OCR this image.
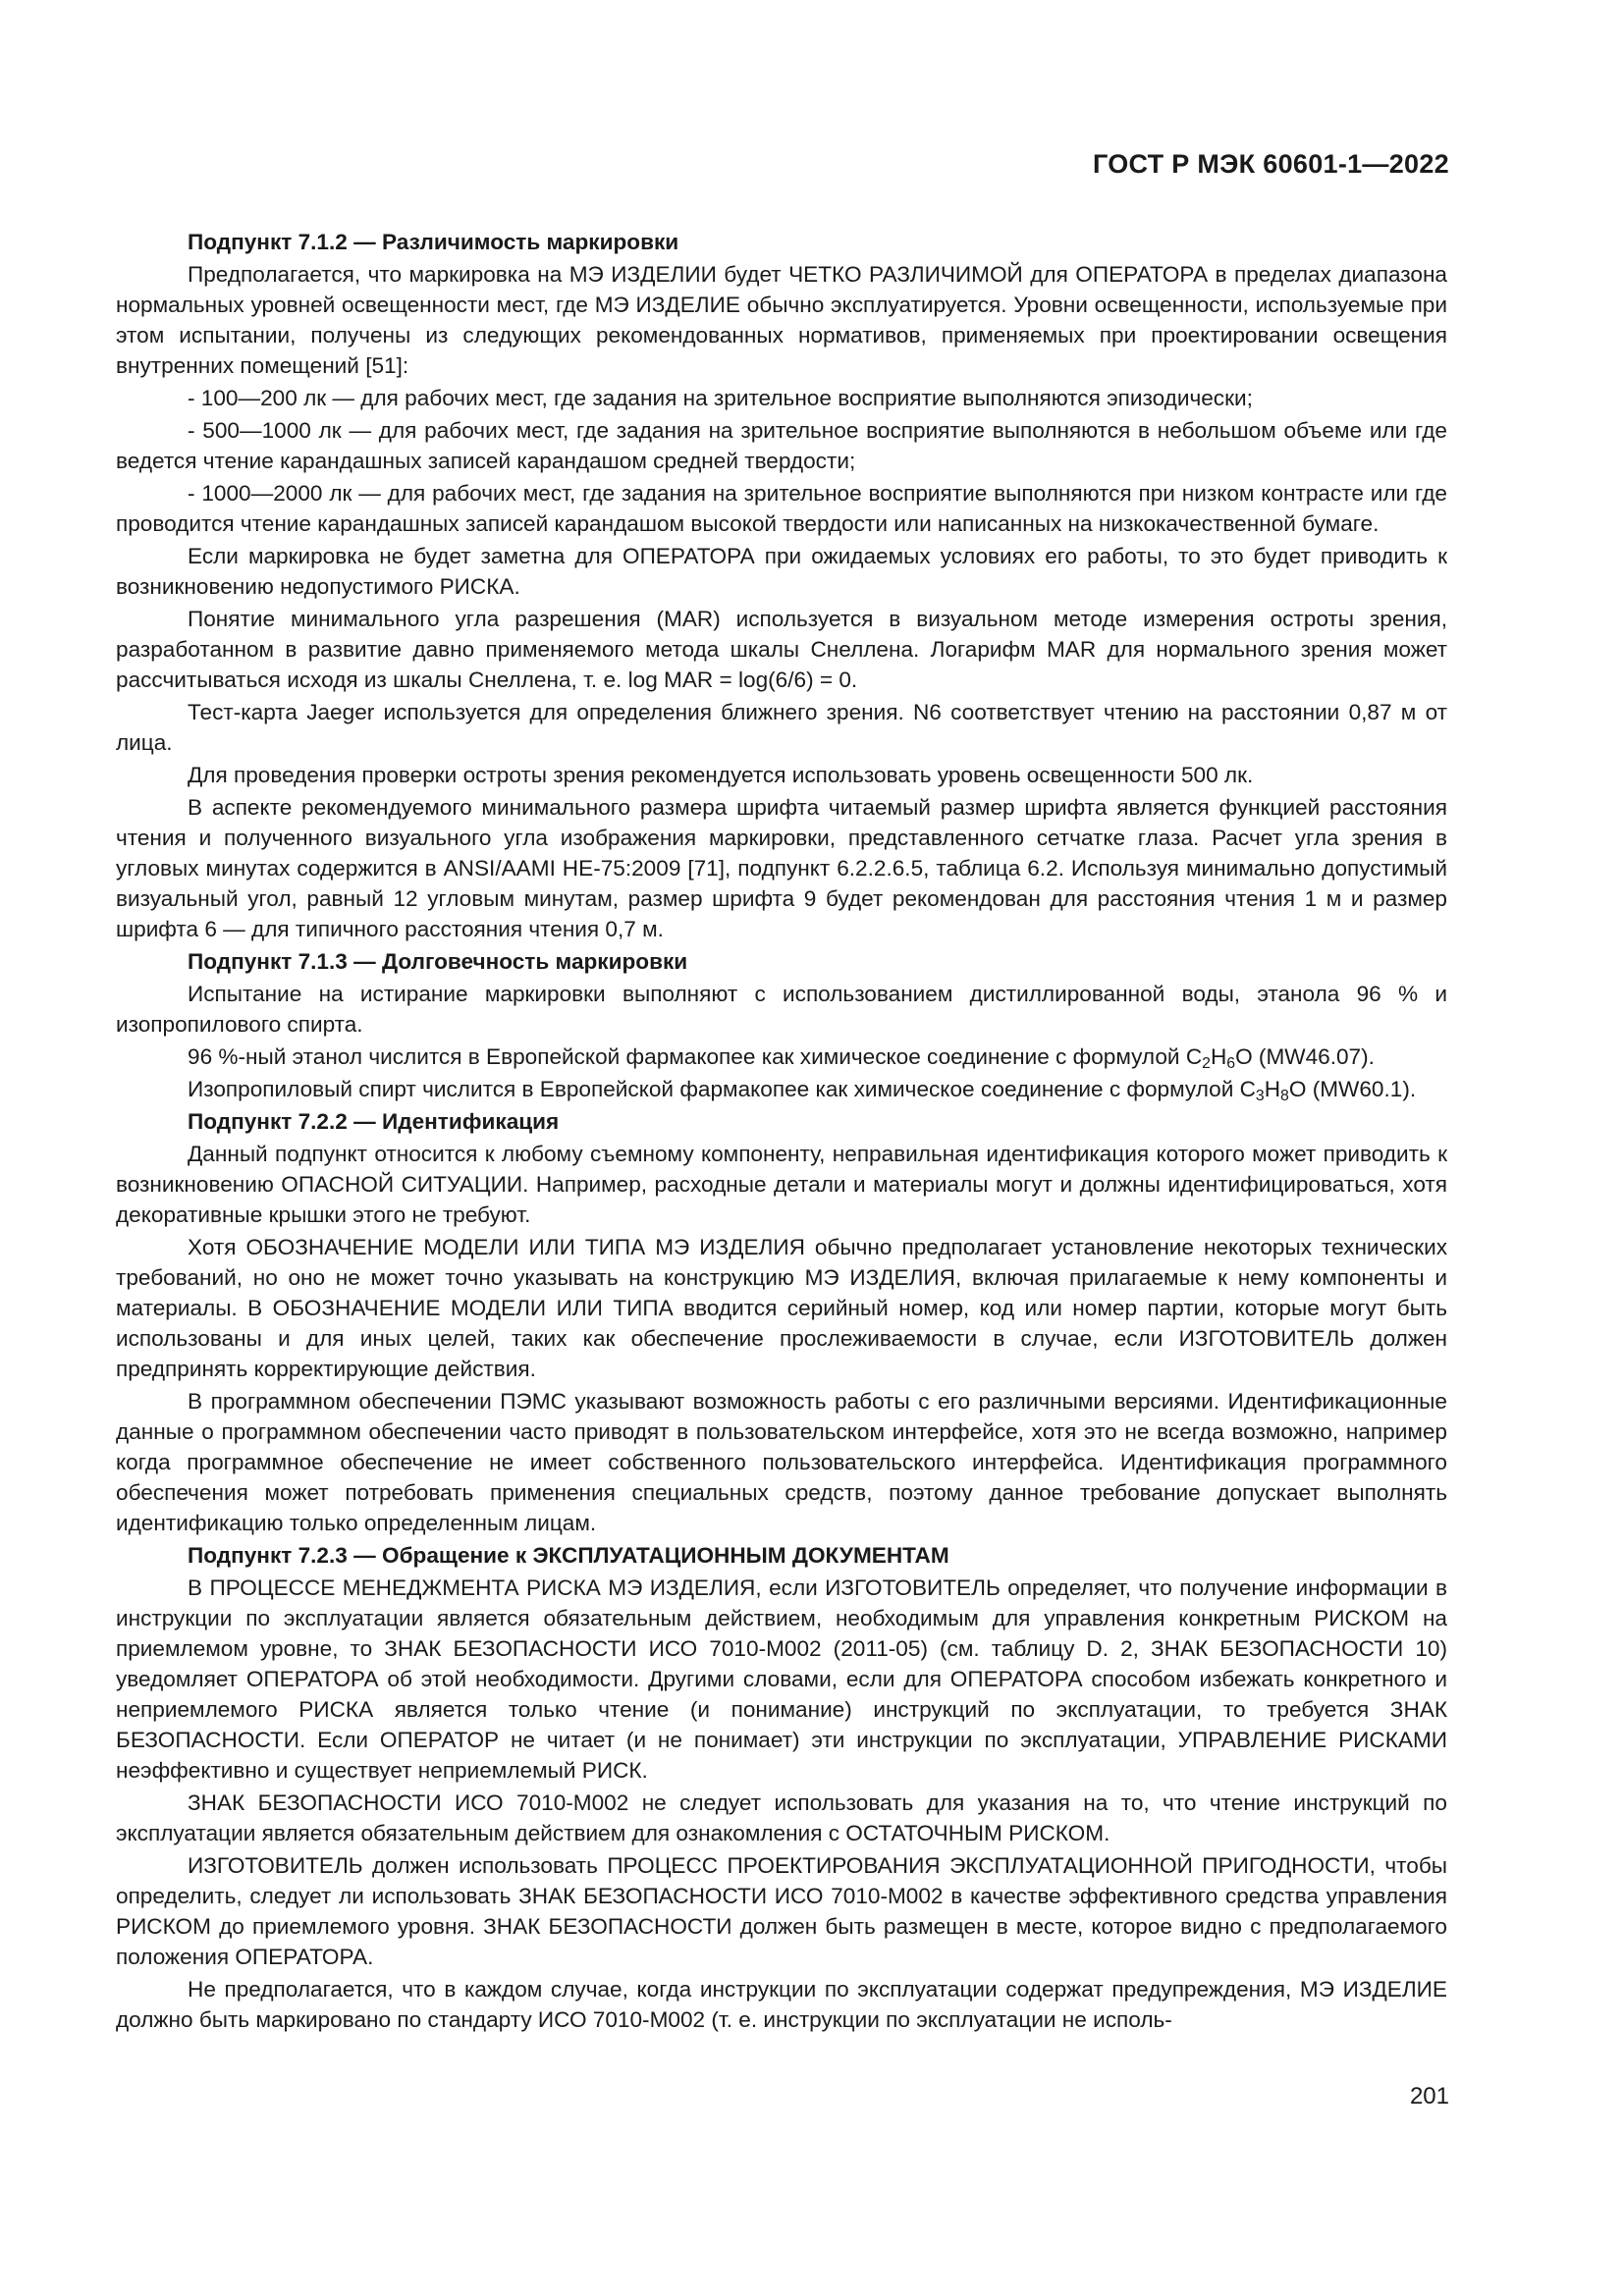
ГОСТ Р МЭК 60601-1—2022

Подпункт 7.1.2 — Различимость маркировки

Предполагается, что маркировка на МЭ ИЗДЕЛИИ будет ЧЕТКО РАЗЛИЧИМОЙ для ОПЕРАТОРА в пределах диапазона нормальных уровней освещенности мест, где МЭ ИЗДЕЛИЕ обычно эксплуатируется. Уровни освещенности, используемые при этом испытании, получены из следующих рекомендованных нормативов, применяемых при проектировании освещения внутренних помещений [51]:

- 100—200 лк — для рабочих мест, где задания на зрительное восприятие выполняются эпизодически;

- 500—1000 лк — для рабочих мест, где задания на зрительное восприятие выполняются в небольшом объеме или где ведется чтение карандашных записей карандашом средней твердости;

- 1000—2000 лк — для рабочих мест, где задания на зрительное восприятие выполняются при низком контрасте или где проводится чтение карандашных записей карандашом высокой твердости или написанных на низкокачественной бумаге.

Если маркировка не будет заметна для ОПЕРАТОРА при ожидаемых условиях его работы, то это будет приводить к возникновению недопустимого РИСКА.

Понятие минимального угла разрешения (MAR) используется в визуальном методе измерения остроты зрения, разработанном в развитие давно применяемого метода шкалы Снеллена. Логарифм MAR для нормального зрения может рассчитываться исходя из шкалы Снеллена, т. е. log MAR = log(6/6) = 0.

Тест-карта Jaeger используется для определения ближнего зрения. N6 соответствует чтению на расстоянии 0,87 м от лица.

Для проведения проверки остроты зрения рекомендуется использовать уровень освещенности 500 лк.

В аспекте рекомендуемого минимального размера шрифта читаемый размер шрифта является функцией расстояния чтения и полученного визуального угла изображения маркировки, представленного сетчатке глаза. Расчет угла зрения в угловых минутах содержится в ANSI/AAMI HE-75:2009 [71], подпункт 6.2.2.6.5, таблица 6.2. Используя минимально допустимый визуальный угол, равный 12 угловым минутам, размер шрифта 9 будет рекомендован для расстояния чтения 1 м и размер шрифта 6 — для типичного расстояния чтения 0,7 м.

Подпункт 7.1.3 — Долговечность маркировки

Испытание на истирание маркировки выполняют с использованием дистиллированной воды, этанола 96 % и изопропилового спирта.

96 %-ный этанол числится в Европейской фармакопее как химическое соединение с формулой $C_2H_6O$ (MW46.07).

Изопропиловый спирт числится в Европейской фармакопее как химическое соединение с формулой $C_3H_8O$ (MW60.1).

Подпункт 7.2.2 — Идентификация

Данный подпункт относится к любому съемному компоненту, неправильная идентификация которого может приводить к возникновению ОПАСНОЙ СИТУАЦИИ. Например, расходные детали и материалы могут и должны идентифицироваться, хотя декоративные крышки этого не требуют.

Хотя ОБОЗНАЧЕНИЕ МОДЕЛИ ИЛИ ТИПА МЭ ИЗДЕЛИЯ обычно предполагает установление некоторых технических требований, но оно не может точно указывать на конструкцию МЭ ИЗДЕЛИЯ, включая прилагаемые к нему компоненты и материалы. В ОБОЗНАЧЕНИЕ МОДЕЛИ ИЛИ ТИПА вводится серийный номер, код или номер партии, которые могут быть использованы и для иных целей, таких как обеспечение прослеживаемости в случае, если ИЗГОТОВИТЕЛЬ должен предпринять корректирующие действия.

В программном обеспечении ПЭМС указывают возможность работы с его различными версиями. Идентификационные данные о программном обеспечении часто приводят в пользовательском интерфейсе, хотя это не всегда возможно, например когда программное обеспечение не имеет собственного пользовательского интерфейса. Идентификация программного обеспечения может потребовать применения специальных средств, поэтому данное требование допускает выполнять идентификацию только определенным лицам.

Подпункт 7.2.3 — Обращение к ЭКСПЛУАТАЦИОННЫМ ДОКУМЕНТАМ

В ПРОЦЕССЕ МЕНЕДЖМЕНТА РИСКА МЭ ИЗДЕЛИЯ, если ИЗГОТОВИТЕЛЬ определяет, что получение информации в инструкции по эксплуатации является обязательным действием, необходимым для управления конкретным РИСКОМ на приемлемом уровне, то ЗНАК БЕЗОПАСНОСТИ ИСО 7010-M002 (2011-05) (см. таблицу D. 2, ЗНАК БЕЗОПАСНОСТИ 10) уведомляет ОПЕРАТОРА об этой необходимости. Другими словами, если для ОПЕРАТОРА способом избежать конкретного и неприемлемого РИСКА является только чтение (и понимание) инструкций по эксплуатации, то требуется ЗНАК БЕЗОПАСНОСТИ. Если ОПЕРАТОР не читает (и не понимает) эти инструкции по эксплуатации, УПРАВЛЕНИЕ РИСКАМИ неэффективно и существует неприемлемый РИСК.

ЗНАК БЕЗОПАСНОСТИ ИСО 7010-M002 не следует использовать для указания на то, что чтение инструкций по эксплуатации является обязательным действием для ознакомления с ОСТАТОЧНЫМ РИСКОМ.

ИЗГОТОВИТЕЛЬ должен использовать ПРОЦЕСС ПРОЕКТИРОВАНИЯ ЭКСПЛУАТАЦИОННОЙ ПРИГОДНОСТИ, чтобы определить, следует ли использовать ЗНАК БЕЗОПАСНОСТИ ИСО 7010-M002 в качестве эффективного средства управления РИСКОМ до приемлемого уровня. ЗНАК БЕЗОПАСНОСТИ должен быть размещен в месте, которое видно с предполагаемого положения ОПЕРАТОРА.

Не предполагается, что в каждом случае, когда инструкции по эксплуатации содержат предупреждения, МЭ ИЗДЕЛИЕ должно быть маркировано по стандарту ИСО 7010-M002 (т. е. инструкции по эксплуатации не исполь-

201
